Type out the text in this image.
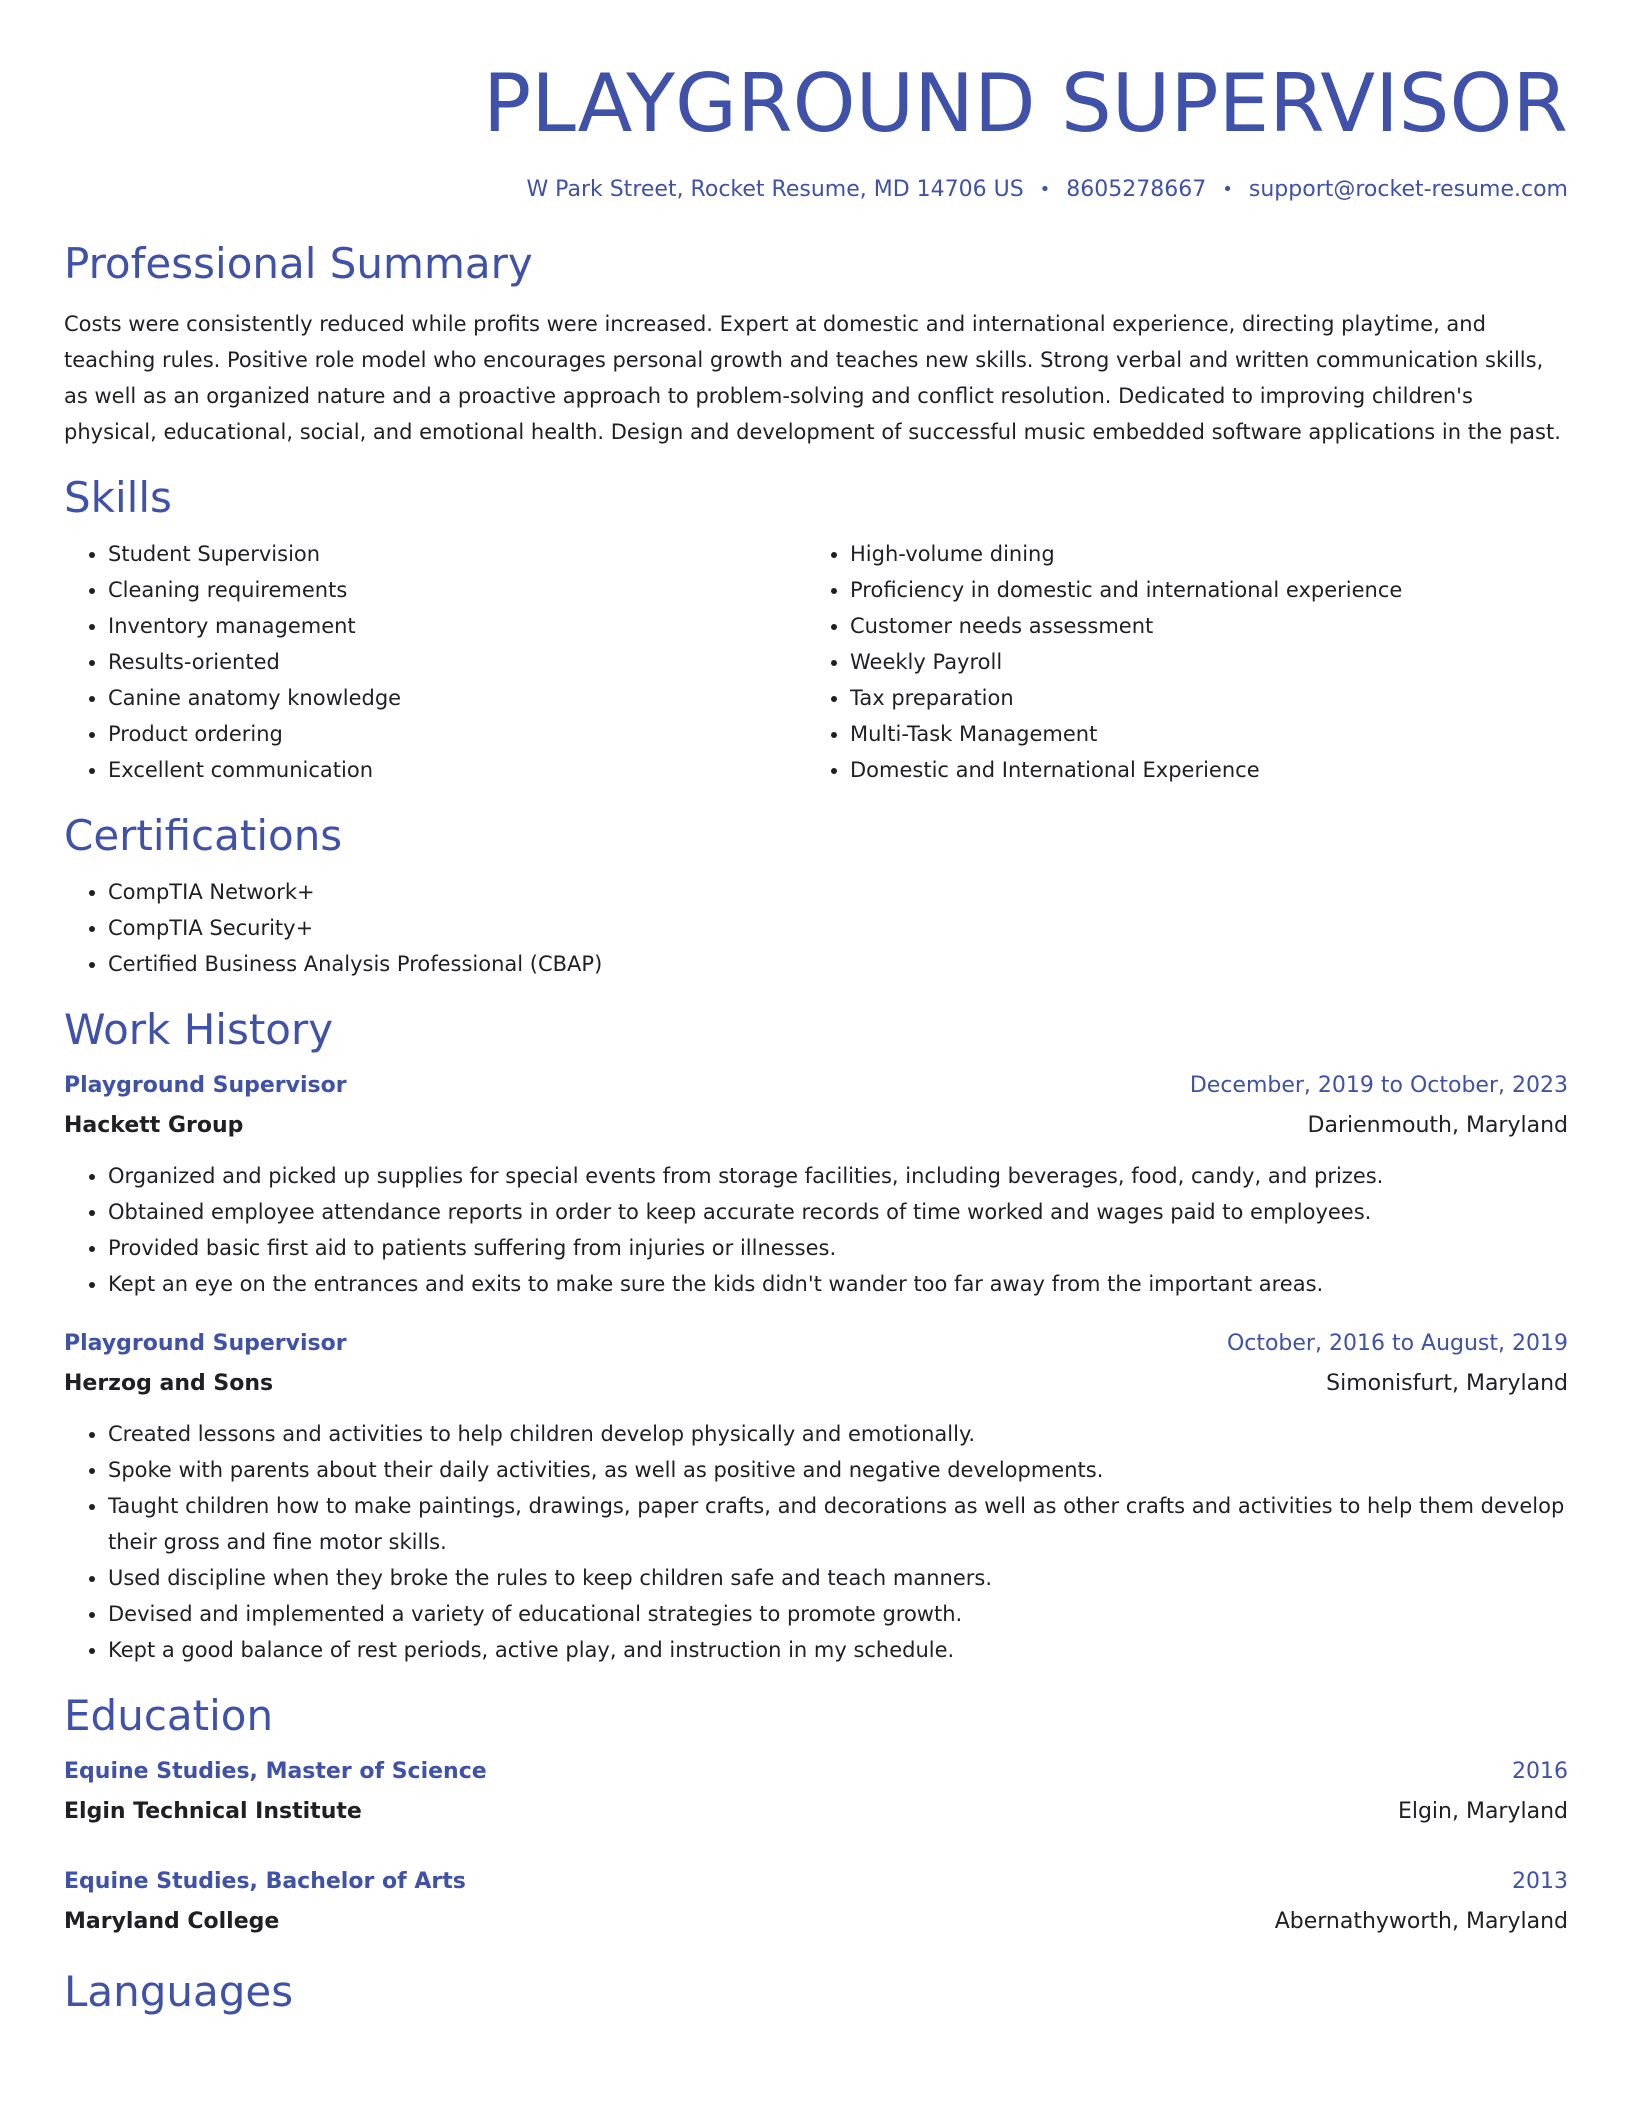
PLAYGROUND SUPERVISOR
W Park Street, Rocket Resume, MD 14706 US • 8605278667 • support@rocket-resume.com
Professional Summary
Costs were consistently reduced while profits were increased. Expert at domestic and international experience, directing playtime, and teaching rules. Positive role model who encourages personal growth and teaches new skills. Strong verbal and written communication skills, as well as an organized nature and a proactive approach to problem-solving and conflict resolution. Dedicated to improving children's physical, educational, social, and emotional health. Design and development of successful music embedded software applications in the past.
Skills
• Student Supervision
• Cleaning requirements
• Inventory management
• Results-oriented
• Canine anatomy knowledge
• Product ordering
• Excellent communication
• High-volume dining
• Proficiency in domestic and international experience
• Customer needs assessment
• Weekly Payroll
• Tax preparation
• Multi-Task Management
• Domestic and International Experience
Certifications
• CompTIA Network+
• CompTIA Security+
• Certified Business Analysis Professional (CBAP)
Work History
Playground Supervisor	December, 2019 to October, 2023
Hackett Group	Darienmouth, Maryland
• Organized and picked up supplies for special events from storage facilities, including beverages, food, candy, and prizes.
• Obtained employee attendance reports in order to keep accurate records of time worked and wages paid to employees.
• Provided basic first aid to patients suffering from injuries or illnesses.
• Kept an eye on the entrances and exits to make sure the kids didn't wander too far away from the important areas.
Playground Supervisor	October, 2016 to August, 2019
Herzog and Sons	Simonisfurt, Maryland
• Created lessons and activities to help children develop physically and emotionally.
• Spoke with parents about their daily activities, as well as positive and negative developments.
• Taught children how to make paintings, drawings, paper crafts, and decorations as well as other crafts and activities to help them develop their gross and fine motor skills.
• Used discipline when they broke the rules to keep children safe and teach manners.
• Devised and implemented a variety of educational strategies to promote growth.
• Kept a good balance of rest periods, active play, and instruction in my schedule.
Education
Equine Studies, Master of Science	2016
Elgin Technical Institute	Elgin, Maryland
Equine Studies, Bachelor of Arts	2013
Maryland College	Abernathyworth, Maryland
Languages
